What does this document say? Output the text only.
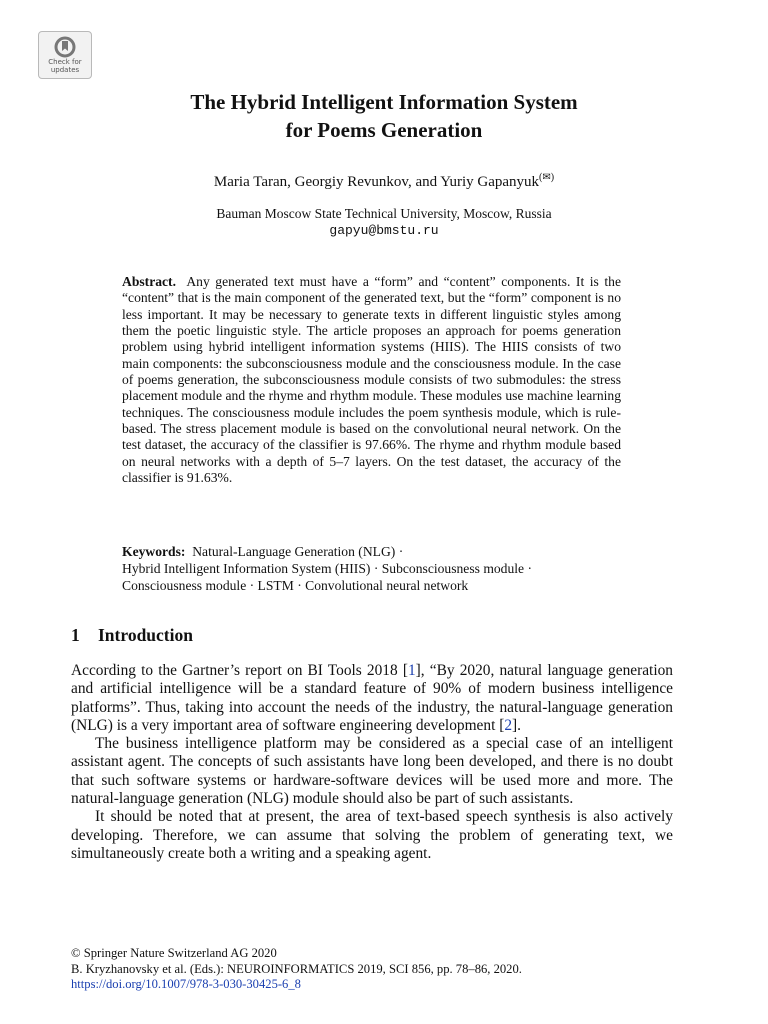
Check for
updates
The Hybrid Intelligent Information System
for Poems Generation
Maria Taran, Georgiy Revunkov, and Yuriy Gapanyuk(✉)
Bauman Moscow State Technical University, Moscow, Russia
gapyu@bmstu.ru
Abstract. Any generated text must have a “form” and “content” components. It is the “content” that is the main component of the generated text, but the “form” component is no less important. It may be necessary to generate texts in different linguistic styles among them the poetic linguistic style. The article proposes an approach for poems generation problem using hybrid intelligent information systems (HIIS). The HIIS consists of two main components: the subconsciousness module and the consciousness module. In the case of poems generation, the subconsciousness module consists of two submodules: the stress placement module and the rhyme and rhythm module. These modules use machine learning techniques. The consciousness module includes the poem synthesis module, which is rule-based. The stress placement module is based on the convolutional neural network. On the test dataset, the accuracy of the classifier is 97.66%. The rhyme and rhythm module based on neural networks with a depth of 5–7 layers. On the test dataset, the accuracy of the classifier is 91.63%.
Keywords: Natural-Language Generation (NLG) ·
Hybrid Intelligent Information System (HIIS) · Subconsciousness module ·
Consciousness module · LSTM · Convolutional neural network
1 Introduction

According to the Gartner’s report on BI Tools 2018 [1], “By 2020, natural language generation and artificial intelligence will be a standard feature of 90% of modern business intelligence platforms”. Thus, taking into account the needs of the industry, the natural-language generation (NLG) is a very important area of software engineering development [2].

The business intelligence platform may be considered as a special case of an intelligent assistant agent. The concepts of such assistants have long been developed, and there is no doubt that such software systems or hardware-software devices will be used more and more. The natural-language generation (NLG) module should also be part of such assistants.

It should be noted that at present, the area of text-based speech synthesis is also actively developing. Therefore, we can assume that solving the problem of generating text, we simultaneously create both a writing and a speaking agent.

© Springer Nature Switzerland AG 2020
B. Kryzhanovsky et al. (Eds.): NEUROINFORMATICS 2019, SCI 856, pp. 78–86, 2020.
https://doi.org/10.1007/978-3-030-30425-6_8
